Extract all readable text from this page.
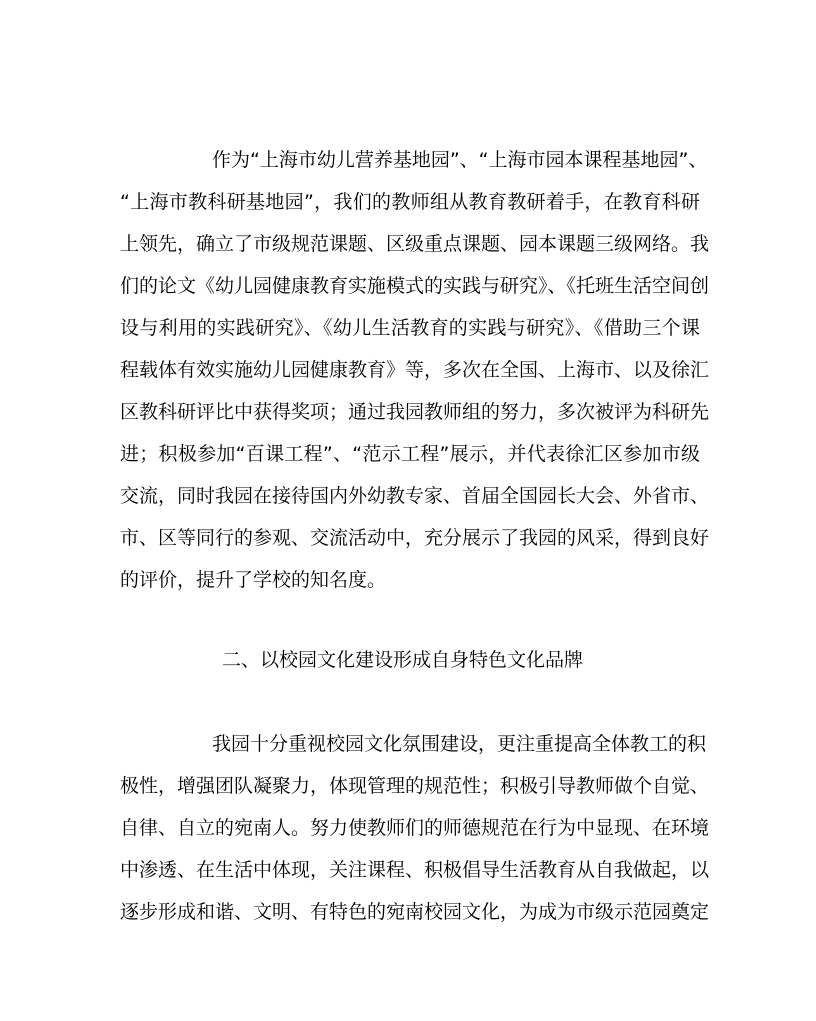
作为“上海市幼儿营养基地园”、“上海市园本课程基地园”、
“上海市教科研基地园”，我们的教师组从教育教研着手，在教育科研
上领先，确立了市级规范课题、区级重点课题、园本课题三级网络。我
们的论文《幼儿园健康教育实施模式的实践与研究》、《托班生活空间创
设与利用的实践研究》、《幼儿生活教育的实践与研究》、《借助三个课
程载体有效实施幼儿园健康教育》等，多次在全国、上海市、以及徐汇
区教科研评比中获得奖项；通过我园教师组的努力，多次被评为科研先
进；积极参加“百课工程”、“范示工程”展示，并代表徐汇区参加市级
交流，同时我园在接待国内外幼教专家、首届全国园长大会、外省市、
市、区等同行的参观、交流活动中，充分展示了我园的风采，得到良好
的评价，提升了学校的知名度。
二、以校园文化建设形成自身特色文化品牌
我园十分重视校园文化氛围建设，更注重提高全体教工的积
极性，增强团队凝聚力，体现管理的规范性；积极引导教师做个自觉、
自律、自立的宛南人。努力使教师们的师德规范在行为中显现、在环境
中渗透、在生活中体现，关注课程、积极倡导生活教育从自我做起，以
逐步形成和谐、文明、有特色的宛南校园文化，为成为市级示范园奠定
